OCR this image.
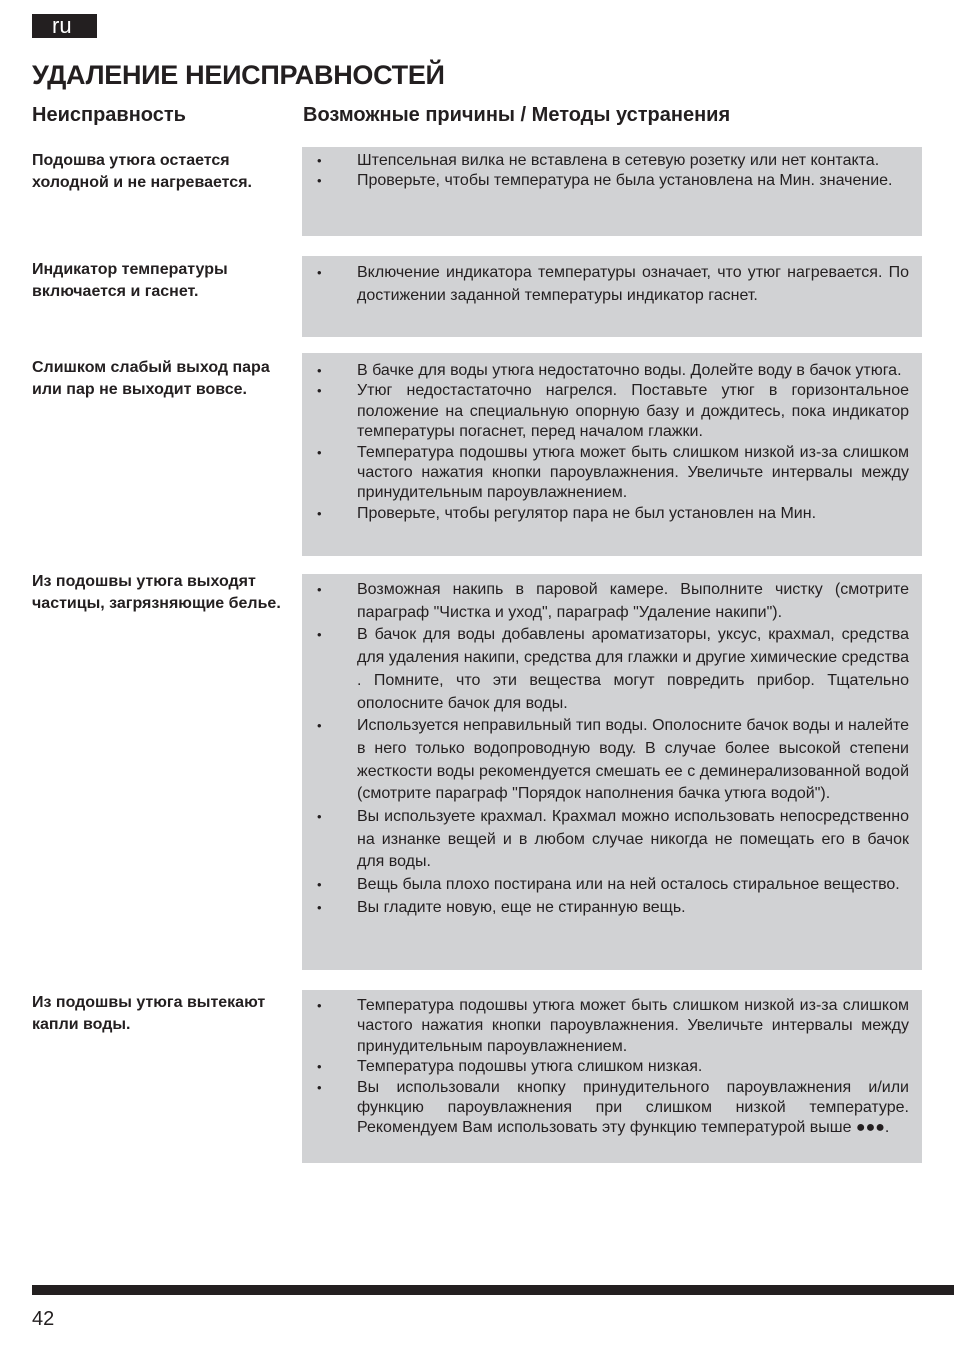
ru
УДАЛЕНИЕ НЕИСПРАВНОСТЕЙ
Неисправность	Возможные причины / Методы устранения

Подошва утюга остается холодной и не нагревается.

• Штепсельная вилка не вставлена в сетевую розетку или нет контакта.
• Проверьте, чтобы температура не была установлена на Мин. значение.

Индикатор температуры включается и гаснет.

• Включение индикатора температуры означает, что утюг нагревается. По достижении заданной температуры индикатор гаснет.

Слишком слабый выход пара или пар не выходит вовсе.

• В бачке для воды утюга недостаточно воды. Долейте воду в бачок утюга.
• Утюг недостастаточно нагрелся. Поставьте утюг в горизонтальное положение на специальную опорную базу и дождитесь, пока индикатор температуры погаснет, перед началом глажки.
• Температура подошвы утюга может быть слишком низкой из-за слишком частого нажатия кнопки пароувлажнения. Увеличьте интервалы между принудительным пароувлажнением.
• Проверьте, чтобы регулятор пара не был установлен на Мин.

Из подошвы утюга выходят частицы, загрязняющие белье.

• Возможная накипь в паровой камере. Выполните чистку (смотрите параграф "Чистка и уход", параграф "Удаление накипи").
• В бачок для воды добавлены ароматизаторы, уксус, крахмал, средства для удаления накипи, средства для глажки и другие химические средства . Помните, что эти вещества могут повредить прибор. Тщательно ополосните бачок для воды.
• Используется неправильный тип воды. Ополосните бачок воды и налейте в него только водопроводную воду. В случае более высокой степени жесткости воды рекомендуется смешать ее с деминерализованной водой (смотрите параграф "Порядок наполнения бачка утюга водой").
• Вы используете крахмал. Крахмал можно использовать непосредственно на изнанке вещей и в любом случае никогда не помещать его в бачок для воды.
• Вещь была плохо постирана или на ней осталось стиральное вещество.
• Вы гладите новую, еще не стиранную вещь.

Из подошвы утюга вытекают капли воды.

• Температура подошвы утюга может быть слишком низкой из-за слишком частого нажатия кнопки пароувлажнения. Увеличьте интервалы между принудительным пароувлажнением.
• Температура подошвы утюга слишком низкая.
• Вы использовали кнопку принудительного пароувлажнения и/или функцию пароувлажнения при слишком низкой температуре. Рекомендуем Вам использовать эту функцию температурой выше ●●●.
42
